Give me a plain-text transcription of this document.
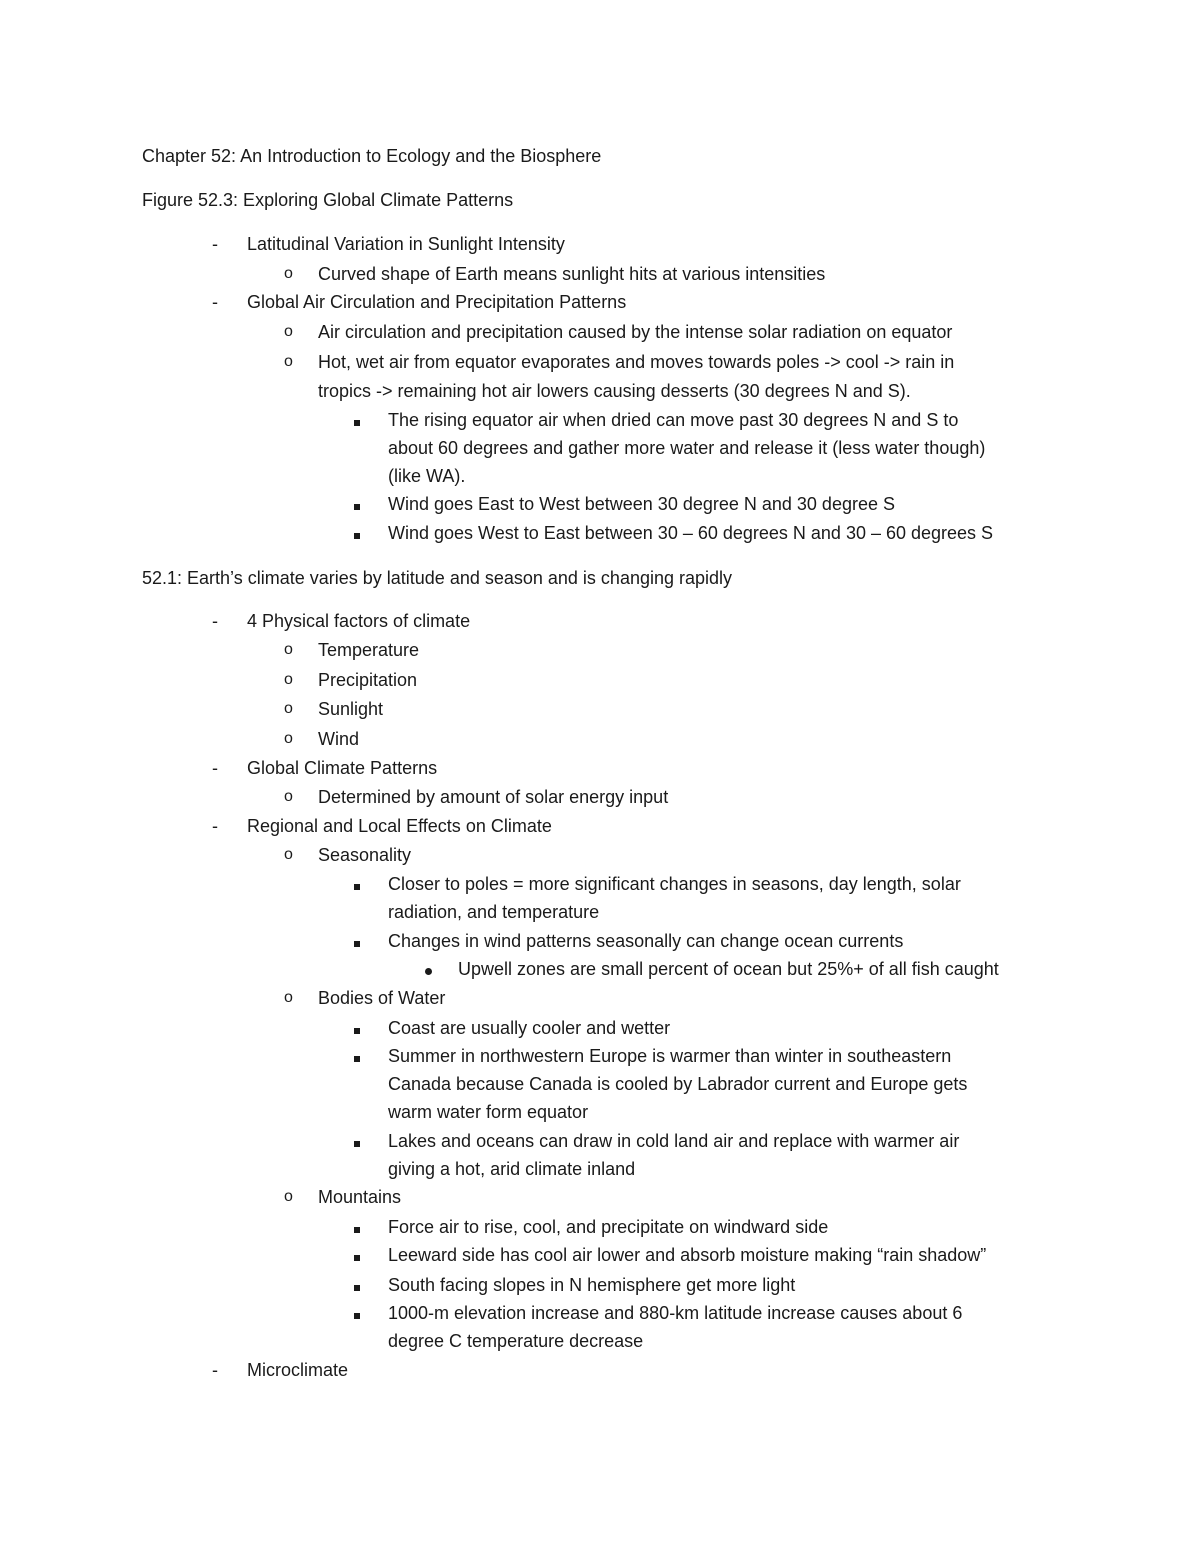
Chapter 52: An Introduction to Ecology and the Biosphere
Figure 52.3: Exploring Global Climate Patterns
- Latitudinal Variation in Sunlight Intensity
o Curved shape of Earth means sunlight hits at various intensities
- Global Air Circulation and Precipitation Patterns
o Air circulation and precipitation caused by the intense solar radiation on equator
o Hot, wet air from equator evaporates and moves towards poles -> cool -> rain in
tropics -> remaining hot air lowers causing desserts (30 degrees N and S).
The rising equator air when dried can move past 30 degrees N and S to
about 60 degrees and gather more water and release it (less water though)
(like WA).
Wind goes East to West between 30 degree N and 30 degree S
Wind goes West to East between 30 – 60 degrees N and 30 – 60 degrees S
52.1: Earth’s climate varies by latitude and season and is changing rapidly
- 4 Physical factors of climate
o Temperature
o Precipitation
o Sunlight
o Wind
- Global Climate Patterns
o Determined by amount of solar energy input
- Regional and Local Effects on Climate
o Seasonality
Closer to poles = more significant changes in seasons, day length, solar
radiation, and temperature
Changes in wind patterns seasonally can change ocean currents
Upwell zones are small percent of ocean but 25%+ of all fish caught
o Bodies of Water
Coast are usually cooler and wetter
Summer in northwestern Europe is warmer than winter in southeastern
Canada because Canada is cooled by Labrador current and Europe gets
warm water form equator
Lakes and oceans can draw in cold land air and replace with warmer air
giving a hot, arid climate inland
o Mountains
Force air to rise, cool, and precipitate on windward side
Leeward side has cool air lower and absorb moisture making “rain shadow”
South facing slopes in N hemisphere get more light
1000-m elevation increase and 880-km latitude increase causes about 6
degree C temperature decrease
- Microclimate
